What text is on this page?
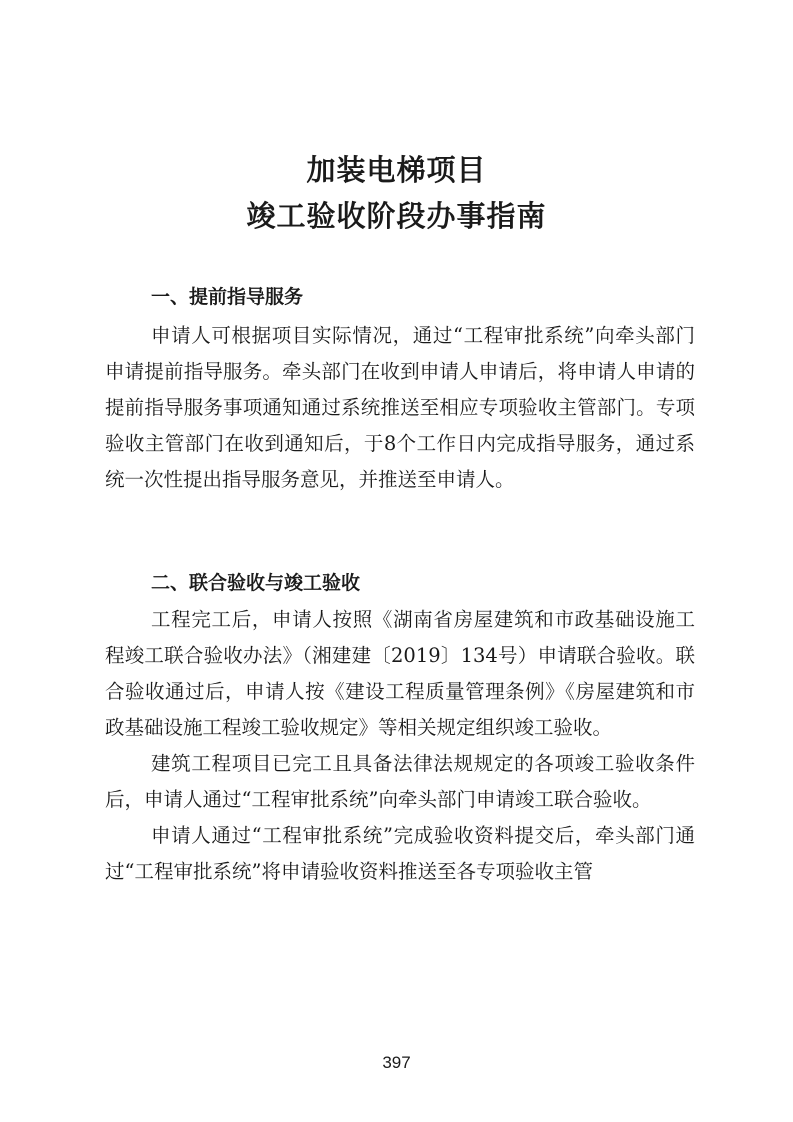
加装电梯项目
竣工验收阶段办事指南
一、提前指导服务

申请人可根据项目实际情况，通过“工程审批系统”向牵头部门申请提前指导服务。牵头部门在收到申请人申请后，将申请人申请的提前指导服务事项通知通过系统推送至相应专项验收主管部门。专项验收主管部门在收到通知后，于8个工作日内完成指导服务，通过系统一次性提出指导服务意见，并推送至申请人。

二、联合验收与竣工验收

工程完工后，申请人按照《湖南省房屋建筑和市政基础设施工程竣工联合验收办法》（湘建建〔2019〕134号）申请联合验收。联合验收通过后，申请人按《建设工程质量管理条例》《房屋建筑和市政基础设施工程竣工验收规定》等相关规定组织竣工验收。

建筑工程项目已完工且具备法律法规规定的各项竣工验收条件后，申请人通过“工程审批系统”向牵头部门申请竣工联合验收。

申请人通过“工程审批系统”完成验收资料提交后，牵头部门通过“工程审批系统”将申请验收资料推送至各专项验收主管

397
